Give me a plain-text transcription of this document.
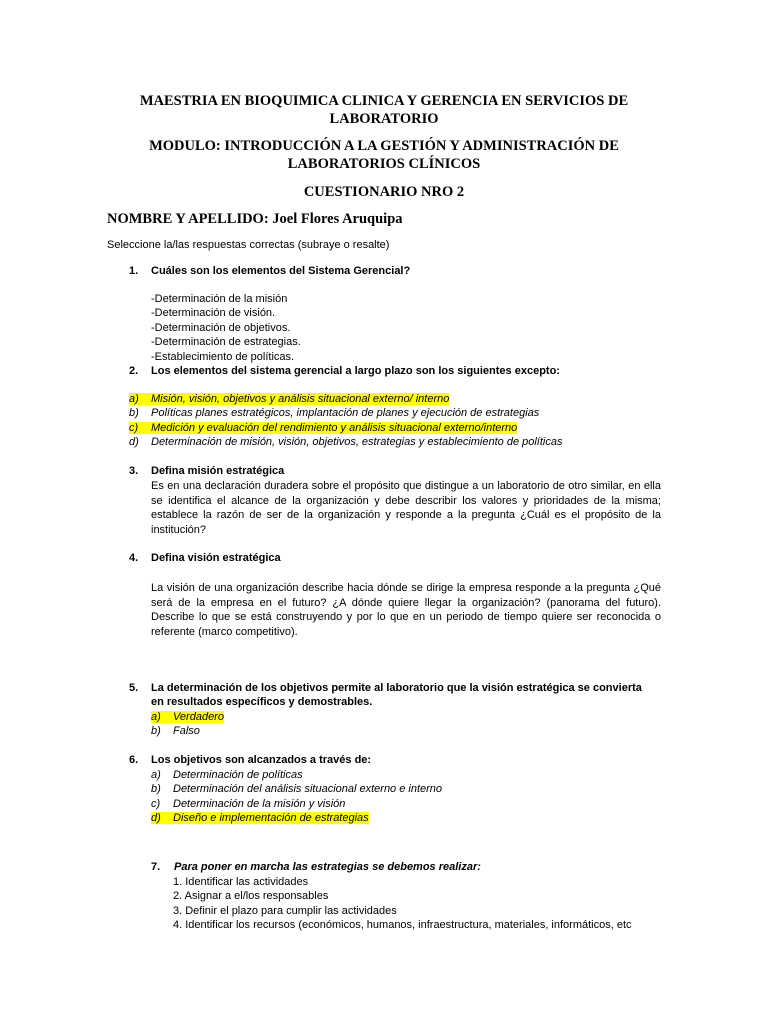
MAESTRIA EN BIOQUIMICA CLINICA Y GERENCIA EN SERVICIOS DE LABORATORIO
MODULO: INTRODUCCIÓN A LA GESTIÓN Y ADMINISTRACIÓN DE LABORATORIOS CLÍNICOS
CUESTIONARIO NRO 2
NOMBRE Y APELLIDO: Joel Flores Aruquipa
Seleccione la/las respuestas correctas (subraye o resalte)
1. Cuáles son los elementos del Sistema Gerencial?
-Determinación de la misión
-Determinación de visión.
-Determinación de objetivos.
-Determinación de estrategias.
-Establecimiento de políticas.
2. Los elementos del sistema gerencial a largo plazo son los siguientes excepto:
a) Misión, visión, objetivos y análisis situacional externo/ interno
b) Políticas planes estratégicos, implantación de planes y ejecución de estrategias
c) Medición y evaluación del rendimiento y análisis situacional externo/interno
d) Determinación de misión, visión, objetivos, estrategias y establecimiento de políticas
3. Defina misión estratégica
Es en una declaración duradera sobre el propósito que distingue a un laboratorio de otro similar, en ella se identifica el alcance de la organización y debe describir los valores y prioridades de la misma; establece la razón de ser de la organización y responde a la pregunta ¿Cuál es el propósito de la institución?
4. Defina visión estratégica
La visión de una organización describe hacia dónde se dirige la empresa responde a la pregunta ¿Qué será de la empresa en el futuro? ¿A dónde quiere llegar la organización? (panorama del futuro). Describe lo que se está construyendo y por lo que en un periodo de tiempo quiere ser reconocida o referente (marco competitivo).
5. La determinación de los objetivos permite al laboratorio que la visión estratégica se convierta
en resultados específicos y demostrables.
a) Verdadero
b) Falso
6. Los objetivos son alcanzados a través de:
a) Determinación de políticas
b) Determinación del análisis situacional externo e interno
c) Determinación de la misión y visión
d) Diseño e implementación de estrategias
7. Para poner en marcha las estrategias se debemos realizar:
1. Identificar las actividades
2. Asignar a el/los responsables
3. Definir el plazo para cumplir las actividades
4. Identificar los recursos (económicos, humanos, infraestructura, materiales, informáticos, etc
